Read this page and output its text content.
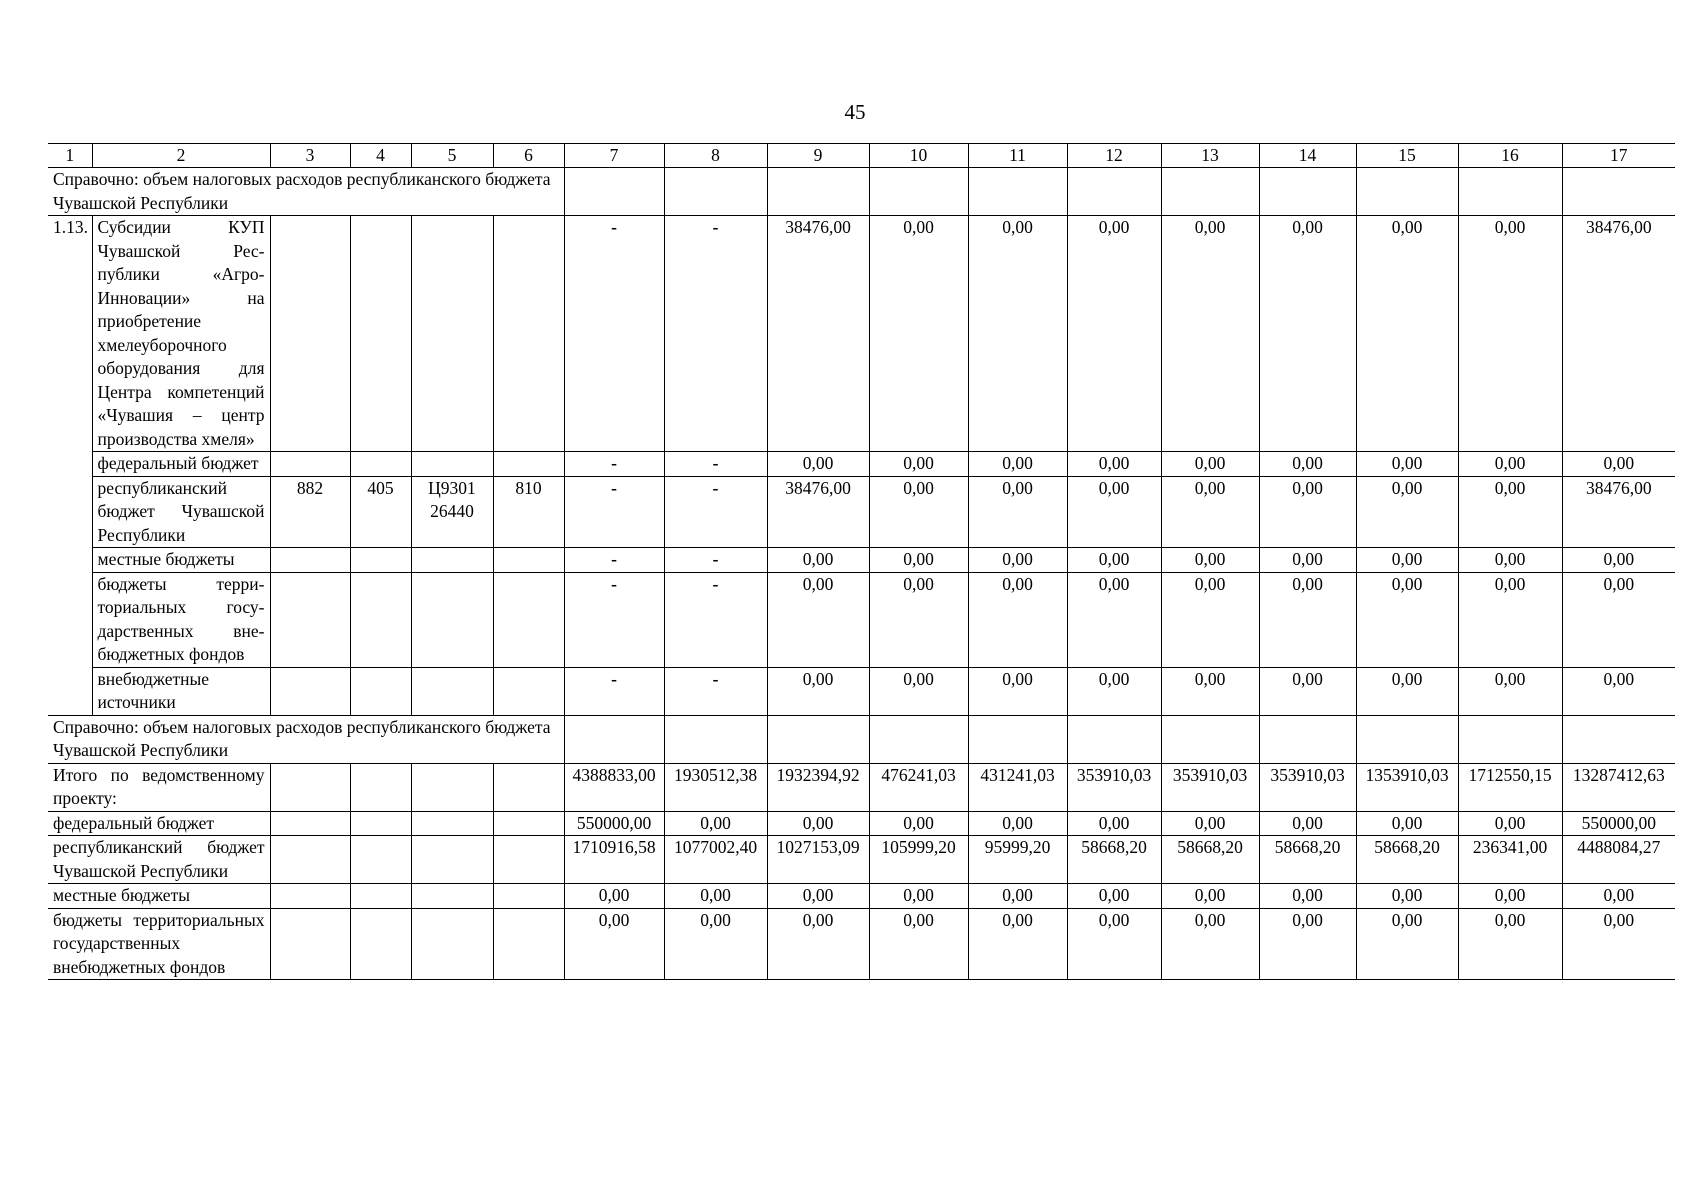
45
1	2	3	4	5	6	7	8	9	10	11	12	13	14	15	16	17
Справочно: объем налоговых расходов республиканского бюджета Чувашской Республики																
1.13.	Субсидии КУП Чувашской Республики «АгроИнновации» на приобретение хмелеуборочного оборудования для Центра компетенций «Чувашия – центр производства хмеля»					-	-	38476,00	0,00	0,00	0,00	0,00	0,00	0,00	0,00	38476,00
	федеральный бюджет					-	-	0,00	0,00	0,00	0,00	0,00	0,00	0,00	0,00	0,00
	республиканский бюджет Чувашской Республики	882	405	Ц9301 26440	810	-	-	38476,00	0,00	0,00	0,00	0,00	0,00	0,00	0,00	38476,00
	местные бюджеты					-	-	0,00	0,00	0,00	0,00	0,00	0,00	0,00	0,00	0,00
	бюджеты территориальных государственных внебюджетных фондов					-	-	0,00	0,00	0,00	0,00	0,00	0,00	0,00	0,00	0,00
	внебюджетные источники					-	-	0,00	0,00	0,00	0,00	0,00	0,00	0,00	0,00	0,00
Справочно: объем налоговых расходов республиканского бюджета Чувашской Республики																
Итого по ведомственному проекту:						4388833,00	1930512,38	1932394,92	476241,03	431241,03	353910,03	353910,03	353910,03	1353910,03	1712550,15	13287412,63
федеральный бюджет						550000,00	0,00	0,00	0,00	0,00	0,00	0,00	0,00	0,00	0,00	550000,00
республиканский бюджет Чувашской Республики						1710916,58	1077002,40	1027153,09	105999,20	95999,20	58668,20	58668,20	58668,20	58668,20	236341,00	4488084,27
местные бюджеты						0,00	0,00	0,00	0,00	0,00	0,00	0,00	0,00	0,00	0,00	0,00
бюджеты территориальных государственных внебюджетных фондов						0,00	0,00	0,00	0,00	0,00	0,00	0,00	0,00	0,00	0,00	0,00
